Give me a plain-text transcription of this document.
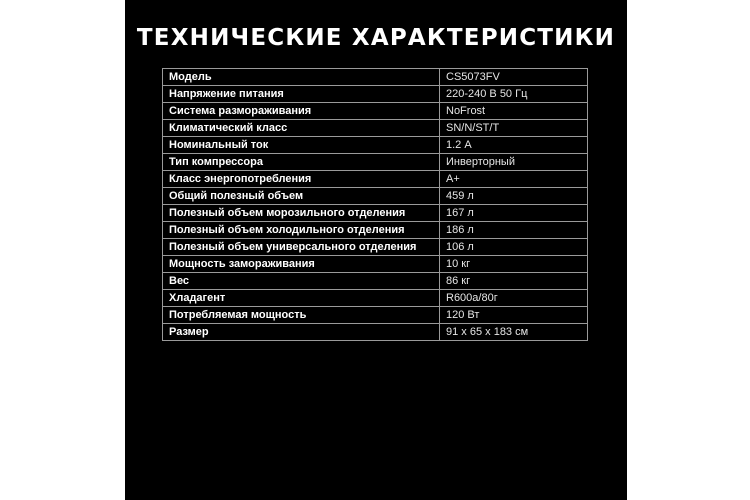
ТЕХНИЧЕСКИЕ ХАРАКТЕРИСТИКИ
Модель	CS5073FV
Напряжение питания	220-240 В 50 Гц
Система размораживания	NoFrost
Климатический класс	SN/N/ST/T
Номинальный ток	1.2 А
Тип компрессора	Инверторный
Класс энергопотребления	A+
Общий полезный объем	459 л
Полезный объем морозильного отделения	167 л
Полезный объем холодильного отделения	186 л
Полезный объем универсального отделения	106 л
Мощность замораживания	10 кг
Вес	86 кг
Хладагент	R600a/80г
Потребляемая мощность	120 Вт
Размер	91 x 65 x 183 см
